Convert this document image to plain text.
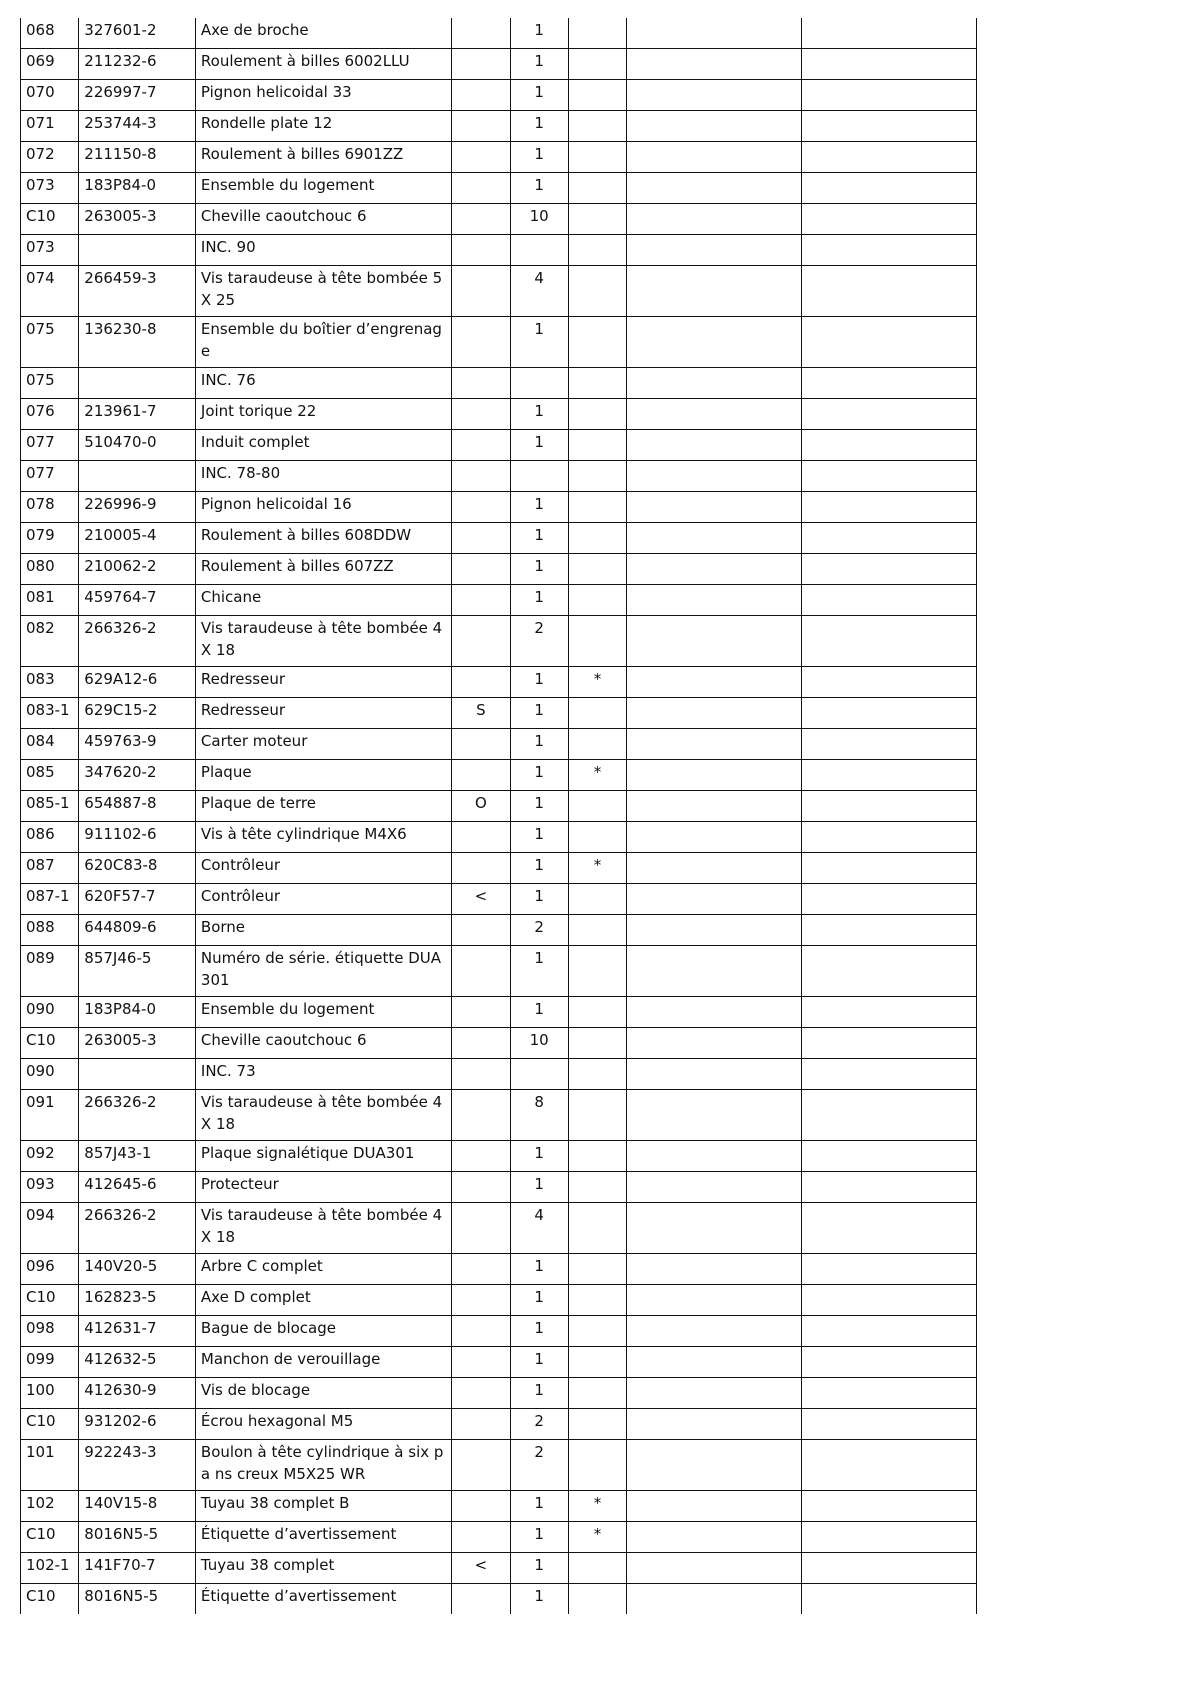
068	327601-2	Axe de broche		1			
069	211232-6	Roulement à billes 6002LLU		1			
070	226997-7	Pignon helicoidal 33		1			
071	253744-3	Rondelle plate 12		1			
072	211150-8	Roulement à billes 6901ZZ		1			
073	183P84-0	Ensemble du logement		1			
C10	263005-3	Cheville caoutchouc 6		10			
073		INC. 90					
074	266459-3	Vis taraudeuse à tête bombée 5X 25		4			
075	136230-8	Ensemble du boîtier d’engrenag e		1			
075		INC. 76					
076	213961-7	Joint torique 22		1			
077	510470-0	Induit complet		1			
077		INC. 78-80					
078	226996-9	Pignon helicoidal 16		1			
079	210005-4	Roulement à billes 608DDW		1			
080	210062-2	Roulement à billes 607ZZ		1			
081	459764-7	Chicane		1			
082	266326-2	Vis taraudeuse à tête bombée 4X 18		2			
083	629A12-6	Redresseur		1	*		
083-1	629C15-2	Redresseur	S	1			
084	459763-9	Carter moteur		1			
085	347620-2	Plaque		1	*		
085-1	654887-8	Plaque de terre	O	1			
086	911102-6	Vis à tête cylindrique M4X6		1			
087	620C83-8	Contrôleur		1	*		
087-1	620F57-7	Contrôleur	<	1			
088	644809-6	Borne		2			
089	857J46-5	Numéro de série. étiquette DUA 301		1			
090	183P84-0	Ensemble du logement		1			
C10	263005-3	Cheville caoutchouc 6		10			
090		INC. 73					
091	266326-2	Vis taraudeuse à tête bombée 4X 18		8			
092	857J43-1	Plaque signalétique DUA301		1			
093	412645-6	Protecteur		1			
094	266326-2	Vis taraudeuse à tête bombée 4X 18		4			
096	140V20-5	Arbre C complet		1			
C10	162823-5	Axe D complet		1			
098	412631-7	Bague de blocage		1			
099	412632-5	Manchon de verouillage		1			
100	412630-9	Vis de blocage		1			
C10	931202-6	Écrou hexagonal M5		2			
101	922243-3	Boulon à tête cylindrique à six pa ns creux M5X25 WR		2			
102	140V15-8	Tuyau 38 complet B		1	*		
C10	8016N5-5	Étiquette d’avertissement		1	*		
102-1	141F70-7	Tuyau 38 complet	<	1			
C10	8016N5-5	Étiquette d’avertissement		1			
